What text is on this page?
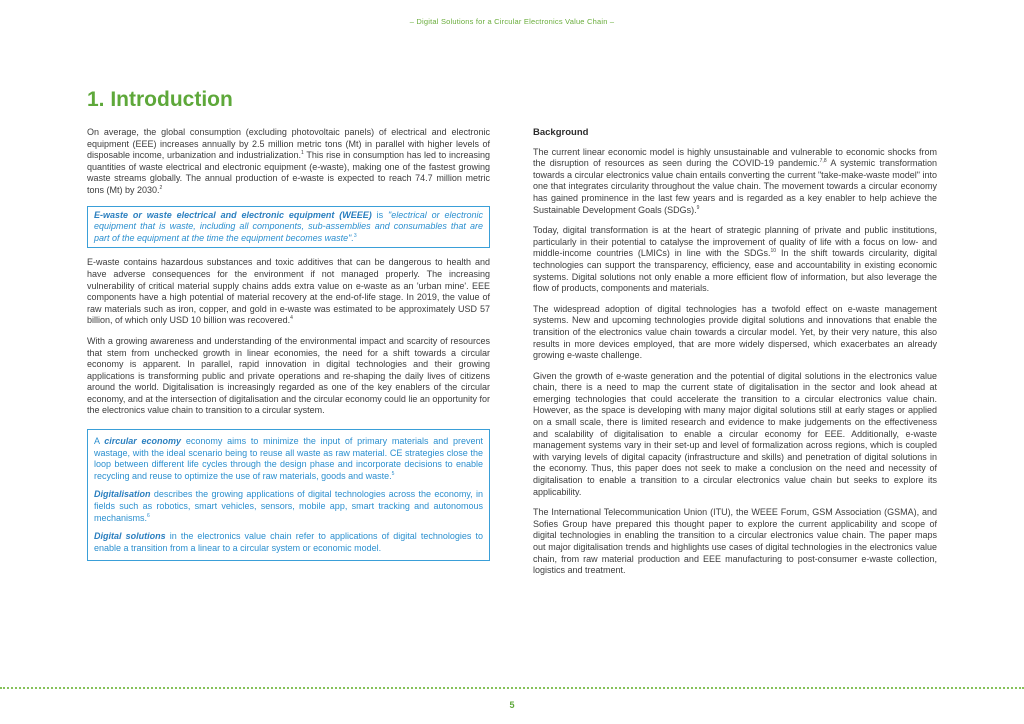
– Digital Solutions for a Circular Electronics Value Chain –
1. Introduction

On average, the global consumption (excluding photovoltaic panels) of electrical and electronic equipment (EEE) increases annually by 2.5 million metric tons (Mt) in parallel with higher levels of disposable income, urbanization and industrialization.$^1$ This rise in consumption has led to increasing quantities of waste electrical and electronic equipment (e-waste), making one of the fastest growing waste streams globally. The annual production of e-waste is expected to reach 74.7 million metric tons (Mt) by 2030.$^2$

E-waste or waste electrical and electronic equipment (WEEE) is "electrical or electronic equipment that is waste, including all components, sub-assemblies and consumables that are part of the equipment at the time the equipment becomes waste".$^3$

E-waste contains hazardous substances and toxic additives that can be dangerous to health and have adverse consequences for the environment if not managed properly. The increasing vulnerability of critical material supply chains adds extra value on e-waste as an 'urban mine'. EEE components have a high potential of material recovery at the end-of-life stage. In 2019, the value of raw materials such as iron, copper, and gold in e-waste was estimated to be approximately USD 57 billion, of which only USD 10 billion was recovered.$^4$

With a growing awareness and understanding of the environmental impact and scarcity of resources that stem from unchecked growth in linear economies, the need for a shift towards a circular economy is apparent. In parallel, rapid innovation in digital technologies and their growing applications is transforming public and private operations and re-shaping the daily lives of citizens around the world. Digitalisation is increasingly regarded as one of the key enablers of the circular economy, and at the intersection of digitalisation and the circular economy could lie an opportunity for the electronics value chain to transition to a circular system.

A circular economy economy aims to minimize the input of primary materials and prevent wastage, with the ideal scenario being to reuse all waste as raw material. CE strategies close the loop between different life cycles through the design phase and incorporate decisions to enable recycling and reuse to optimize the use of raw materials, goods and waste.$^5$

Digitalisation describes the growing applications of digital technologies across the economy, in fields such as robotics, smart vehicles, sensors, mobile app, smart tracking and autonomous mechanisms.$^6$

Digital solutions in the electronics value chain refer to applications of digital technologies to enable a transition from a linear to a circular system or economic model.

Background

The current linear economic model is highly unsustainable and vulnerable to economic shocks from the disruption of resources as seen during the COVID-19 pandemic.$^{7,8}$ A systemic transformation towards a circular electronics value chain entails converting the current "take-make-waste model" into one that integrates circularity throughout the value chain. The movement towards a circular economy has gained prominence in the last few years and is regarded as a key enabler to help achieve the Sustainable Development Goals (SDGs).$^9$

Today, digital transformation is at the heart of strategic planning of private and public institutions, particularly in their potential to catalyse the improvement of quality of life with a focus on low- and middle-income countries (LMICs) in line with the SDGs.$^{10}$ In the shift towards circularity, digital technologies can support the transparency, efficiency, ease and accountability in existing economic systems. Digital solutions not only enable a more efficient flow of information, but also leverage the flow of products, components and materials.

The widespread adoption of digital technologies has a twofold effect on e-waste management systems. New and upcoming technologies provide digital solutions and innovations that enable the transition of the electronics value chain towards a circular model. Yet, by their very nature, this also results in more devices employed, that are more widely dispersed, which exacerbates an already growing e-waste challenge.

Given the growth of e-waste generation and the potential of digital solutions in the electronics value chain, there is a need to map the current state of digitalisation in the sector and look ahead at emerging technologies that could accelerate the transition to a circular electronics value chain. However, as the space is developing with many major digital solutions still at early stages or applied on a small scale, there is limited research and evidence to make judgements on the effectiveness and scalability of digitalisation to enable a circular economy for EEE. Additionally, e-waste management systems vary in their set-up and level of formalization across regions, which is coupled with varying levels of digital capacity (infrastructure and skills) and penetration of digital solutions in the economy. Thus, this paper does not seek to make a conclusion on the need and necessity of digitalisation to enable a transition to a circular electronics value chain but seeks to explore its applicability.

The International Telecommunication Union (ITU), the WEEE Forum, GSM Association (GSMA), and Sofies Group have prepared this thought paper to explore the current applicability and scope of digital technologies in enabling the transition to a circular electronics value chain. The paper maps out major digitalisation trends and highlights use cases of digital technologies in the electronics value chain, from raw material production and EEE manufacturing to post-consumer e-waste collection, logistics and treatment.

5
